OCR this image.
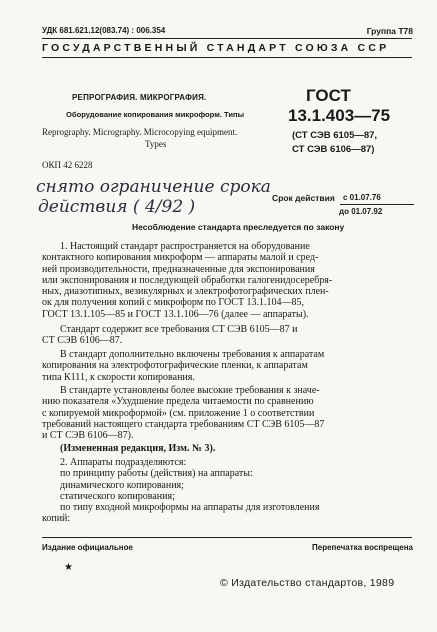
УДК 681.621.12(083.74) : 006.354	Группа Т78
ГОСУДАРСТВЕННЫЙ СТАНДАРТ СОЮЗА ССР
РЕПРОГРАФИЯ. МИКРОГРАФИЯ.
Оборудование копирования микроформ. Типы
Reprography. Micrography. Microcopying equipment.
Types
ГОСТ
13.1.403—75
(СТ СЭВ 6105—87,
СТ СЭВ 6106—87)
ОКП 42 6228
снято ограничение срока
действия ( 4/92 )	Срок действия с 01.07.76
до 01.07.92
Несоблюдение стандарта преследуется по закону
1. Настоящий стандарт распространяется на оборудование
контактного копирования микроформ — аппараты малой и сред-
ней производительности, предназначенные для экспонирования
или экспонирования и последующей обработки галогенидосеребря-
ных, диазотипных, везикулярных и электрофотографических плен-
ок для получения копий с микроформ по ГОСТ 13.1.104—85,
ГОСТ 13.1.105—85 и ГОСТ 13.1.106—76 (далее — аппараты).
Стандарт содержит все требования СТ СЭВ 6105—87 и
СТ СЭВ 6106—87.
В стандарт дополнительно включены требования к аппаратам
копирования на электрофотографические пленки, к аппаратам
типа К111, к скорости копирования.
В стандарте установлены более высокие требования к значе-
нию показателя «Ухудшение предела читаемости по сравнению
с копируемой микроформой» (см. приложение 1 о соответствии
требований настоящего стандарта требованиям СТ СЭВ 6105—87
и СТ СЭВ 6106—87).
(Измененная редакция, Изм. № 3).
2. Аппараты подразделяются:
по принципу работы (действия) на аппараты:
динамического копирования;
статического копирования;
по типу входной микроформы на аппараты для изготовления
копий:
Издание официальное	Перепечатка воспрещена
★
© Издательство стандартов, 1989
